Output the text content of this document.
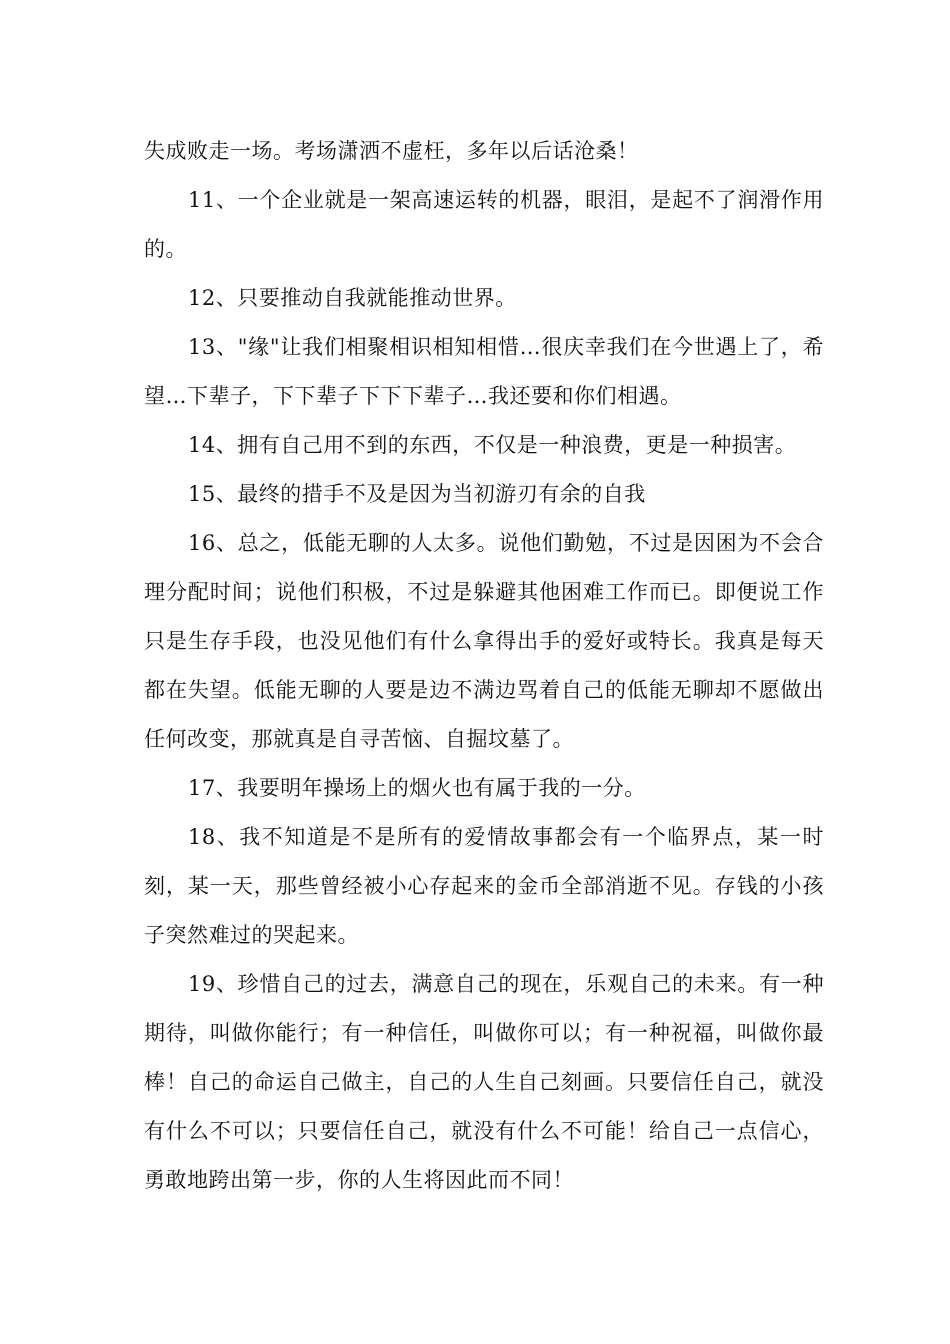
失成败走一场。考场潇洒不虚枉，多年以后话沧桑！

11、一个企业就是一架高速运转的机器，眼泪，是起不了润滑作用的。

12、只要推动自我就能推动世界。

13、"缘"让我们相聚相识相知相惜…很庆幸我们在今世遇上了，希望…下辈子，下下辈子下下下辈子…我还要和你们相遇。

14、拥有自己用不到的东西，不仅是一种浪费，更是一种损害。

15、最终的措手不及是因为当初游刃有余的自我

16、总之，低能无聊的人太多。说他们勤勉，不过是因困为不会合理分配时间；说他们积极，不过是躲避其他困难工作而已。即便说工作只是生存手段，也没见他们有什么拿得出手的爱好或特长。我真是每天都在失望。低能无聊的人要是边不满边骂着自己的低能无聊却不愿做出任何改变，那就真是自寻苦恼、自掘坟墓了。

17、我要明年操场上的烟火也有属于我的一分。

18、我不知道是不是所有的爱情故事都会有一个临界点，某一时刻，某一天，那些曾经被小心存起来的金币全部消逝不见。存钱的小孩子突然难过的哭起来。

19、珍惜自己的过去，满意自己的现在，乐观自己的未来。有一种期待，叫做你能行；有一种信任，叫做你可以；有一种祝福，叫做你最棒！自己的命运自己做主，自己的人生自己刻画。只要信任自己，就没有什么不可以；只要信任自己，就没有什么不可能！给自己一点信心，勇敢地跨出第一步，你的人生将因此而不同！
